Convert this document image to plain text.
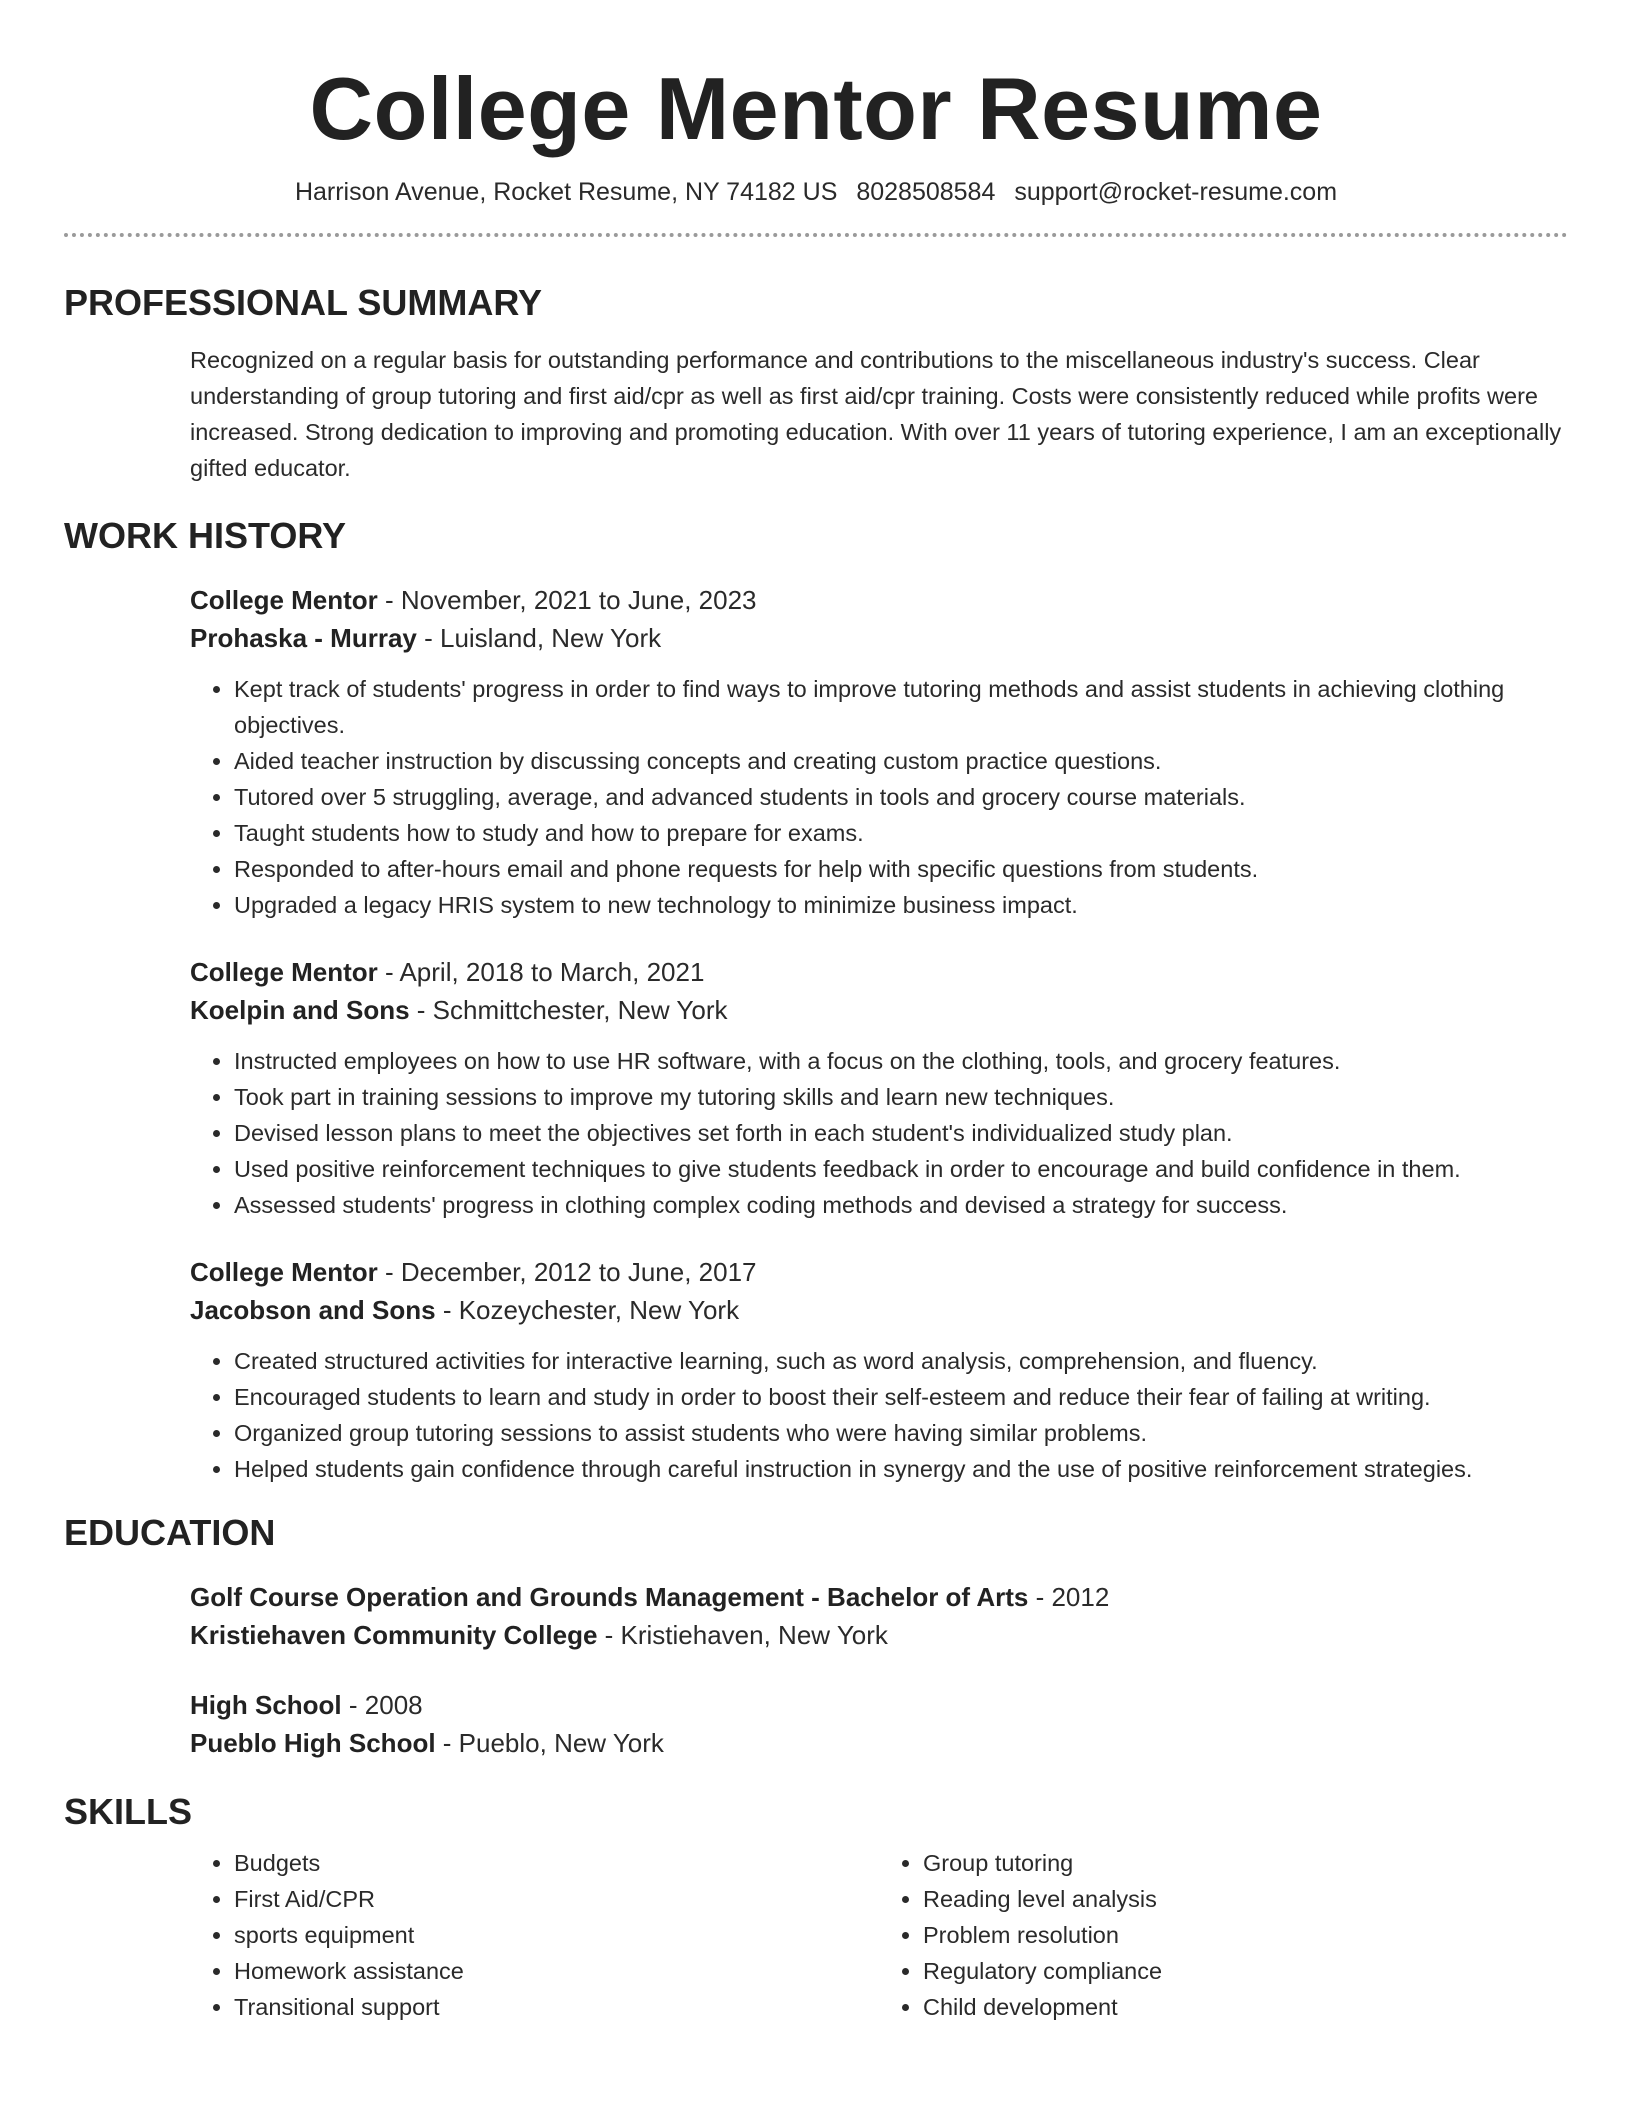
College Mentor Resume
Harrison Avenue, Rocket Resume, NY 74182 US 8028508584 support@rocket-resume.com
PROFESSIONAL SUMMARY
Recognized on a regular basis for outstanding performance and contributions to the miscellaneous industry's success. Clear understanding of group tutoring and first aid/cpr as well as first aid/cpr training. Costs were consistently reduced while profits were increased. Strong dedication to improving and promoting education. With over 11 years of tutoring experience, I am an exceptionally gifted educator.
WORK HISTORY
College Mentor - November, 2021 to June, 2023
Prohaska - Murray - Luisland, New York
• Kept track of students' progress in order to find ways to improve tutoring methods and assist students in achieving clothing objectives.
• Aided teacher instruction by discussing concepts and creating custom practice questions.
• Tutored over 5 struggling, average, and advanced students in tools and grocery course materials.
• Taught students how to study and how to prepare for exams.
• Responded to after-hours email and phone requests for help with specific questions from students.
• Upgraded a legacy HRIS system to new technology to minimize business impact.
College Mentor - April, 2018 to March, 2021
Koelpin and Sons - Schmittchester, New York
• Instructed employees on how to use HR software, with a focus on the clothing, tools, and grocery features.
• Took part in training sessions to improve my tutoring skills and learn new techniques.
• Devised lesson plans to meet the objectives set forth in each student's individualized study plan.
• Used positive reinforcement techniques to give students feedback in order to encourage and build confidence in them.
• Assessed students' progress in clothing complex coding methods and devised a strategy for success.
College Mentor - December, 2012 to June, 2017
Jacobson and Sons - Kozeychester, New York
• Created structured activities for interactive learning, such as word analysis, comprehension, and fluency.
• Encouraged students to learn and study in order to boost their self-esteem and reduce their fear of failing at writing.
• Organized group tutoring sessions to assist students who were having similar problems.
• Helped students gain confidence through careful instruction in synergy and the use of positive reinforcement strategies.
EDUCATION
Golf Course Operation and Grounds Management - Bachelor of Arts - 2012
Kristiehaven Community College - Kristiehaven, New York
High School - 2008
Pueblo High School - Pueblo, New York
SKILLS
• Budgets
• First Aid/CPR
• sports equipment
• Homework assistance
• Transitional support
• Group tutoring
• Reading level analysis
• Problem resolution
• Regulatory compliance
• Child development
